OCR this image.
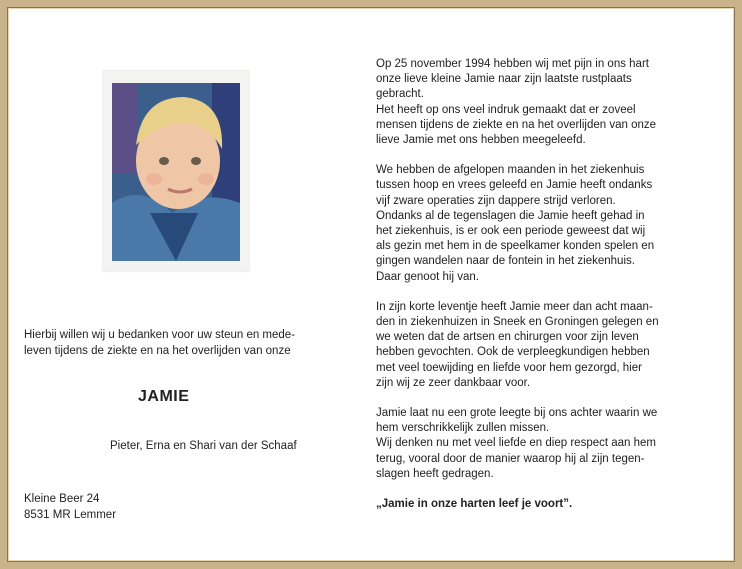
Hierbij willen wij u bedanken voor uw steun en mede-
leven tijdens de ziekte en na het overlijden van onze
JAMIE
Pieter, Erna en Shari van der Schaaf
Kleine Beer 24
8531 MR Lemmer

Op 25 november 1994 hebben wij met pijn in ons hart
onze lieve kleine Jamie naar zijn laatste rustplaats
gebracht.

Het heeft op ons veel indruk gemaakt dat er zoveel
mensen tijdens de ziekte en na het overlijden van onze
lieve Jamie met ons hebben meegeleefd.

We hebben de afgelopen maanden in het ziekenhuis
tussen hoop en vrees geleefd en Jamie heeft ondanks
vijf zware operaties zijn dappere strijd verloren.

Ondanks al de tegenslagen die Jamie heeft gehad in
het ziekenhuis, is er ook een periode geweest dat wij
als gezin met hem in de speelkamer konden spelen en
gingen wandelen naar de fontein in het ziekenhuis.
Daar genoot hij van.

In zijn korte leventje heeft Jamie meer dan acht maan-
den in ziekenhuizen in Sneek en Groningen gelegen en
we weten dat de artsen en chirurgen voor zijn leven
hebben gevochten. Ook de verpleegkundigen hebben
met veel toewijding en liefde voor hem gezorgd, hier
zijn wij ze zeer dankbaar voor.

Jamie laat nu een grote leegte bij ons achter waarin we
hem verschrikkelijk zullen missen.

Wij denken nu met veel liefde en diep respect aan hem
terug, vooral door de manier waarop hij al zijn tegen-
slagen heeft gedragen.

„Jamie in onze harten leef je voort”.
